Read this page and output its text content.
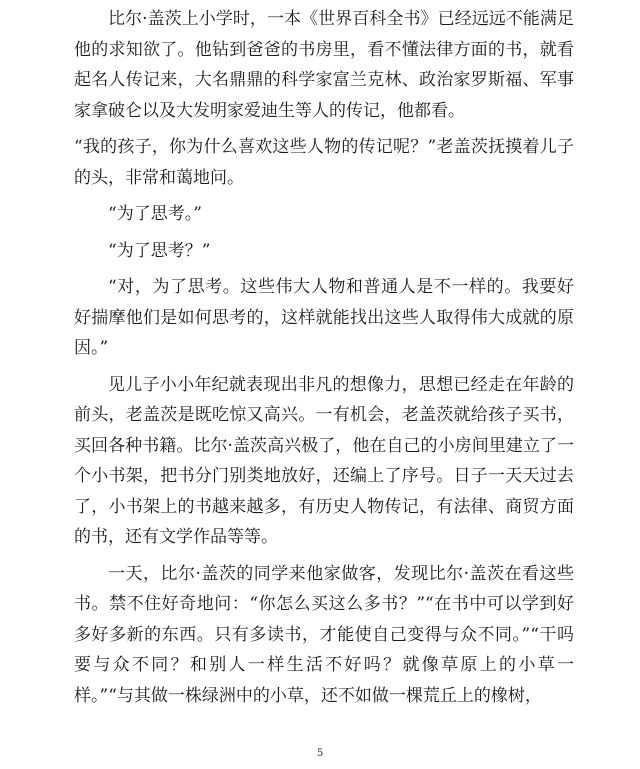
比尔·盖茨上小学时，一本《世界百科全书》已经远远不能满足他的求知欲了。他钻到爸爸的书房里，看不懂法律方面的书，就看起名人传记来，大名鼎鼎的科学家富兰克林、政治家罗斯福、军事家拿破仑以及大发明家爱迪生等人的传记，他都看。

“我的孩子，你为什么喜欢这些人物的传记呢？”老盖茨抚摸着儿子的头，非常和蔼地问。

“为了思考。”

“为了思考？”

“对，为了思考。这些伟大人物和普通人是不一样的。我要好好揣摩他们是如何思考的，这样就能找出这些人取得伟大成就的原因。”

见儿子小小年纪就表现出非凡的想像力，思想已经走在年龄的前头，老盖茨是既吃惊又高兴。一有机会，老盖茨就给孩子买书，买回各种书籍。比尔·盖茨高兴极了，他在自己的小房间里建立了一个小书架，把书分门别类地放好，还编上了序号。日子一天天过去了，小书架上的书越来越多，有历史人物传记，有法律、商贸方面的书，还有文学作品等等。

一天，比尔·盖茨的同学来他家做客，发现比尔·盖茨在看这些书。禁不住好奇地问：“你怎么买这么多书？”“在书中可以学到好多好多新的东西。只有多读书，才能使自己变得与众不同。”“干吗要与众不同？和别人一样生活不好吗？就像草原上的小草一样。”“与其做一株绿洲中的小草，还不如做一棵荒丘上的橡树，

5
